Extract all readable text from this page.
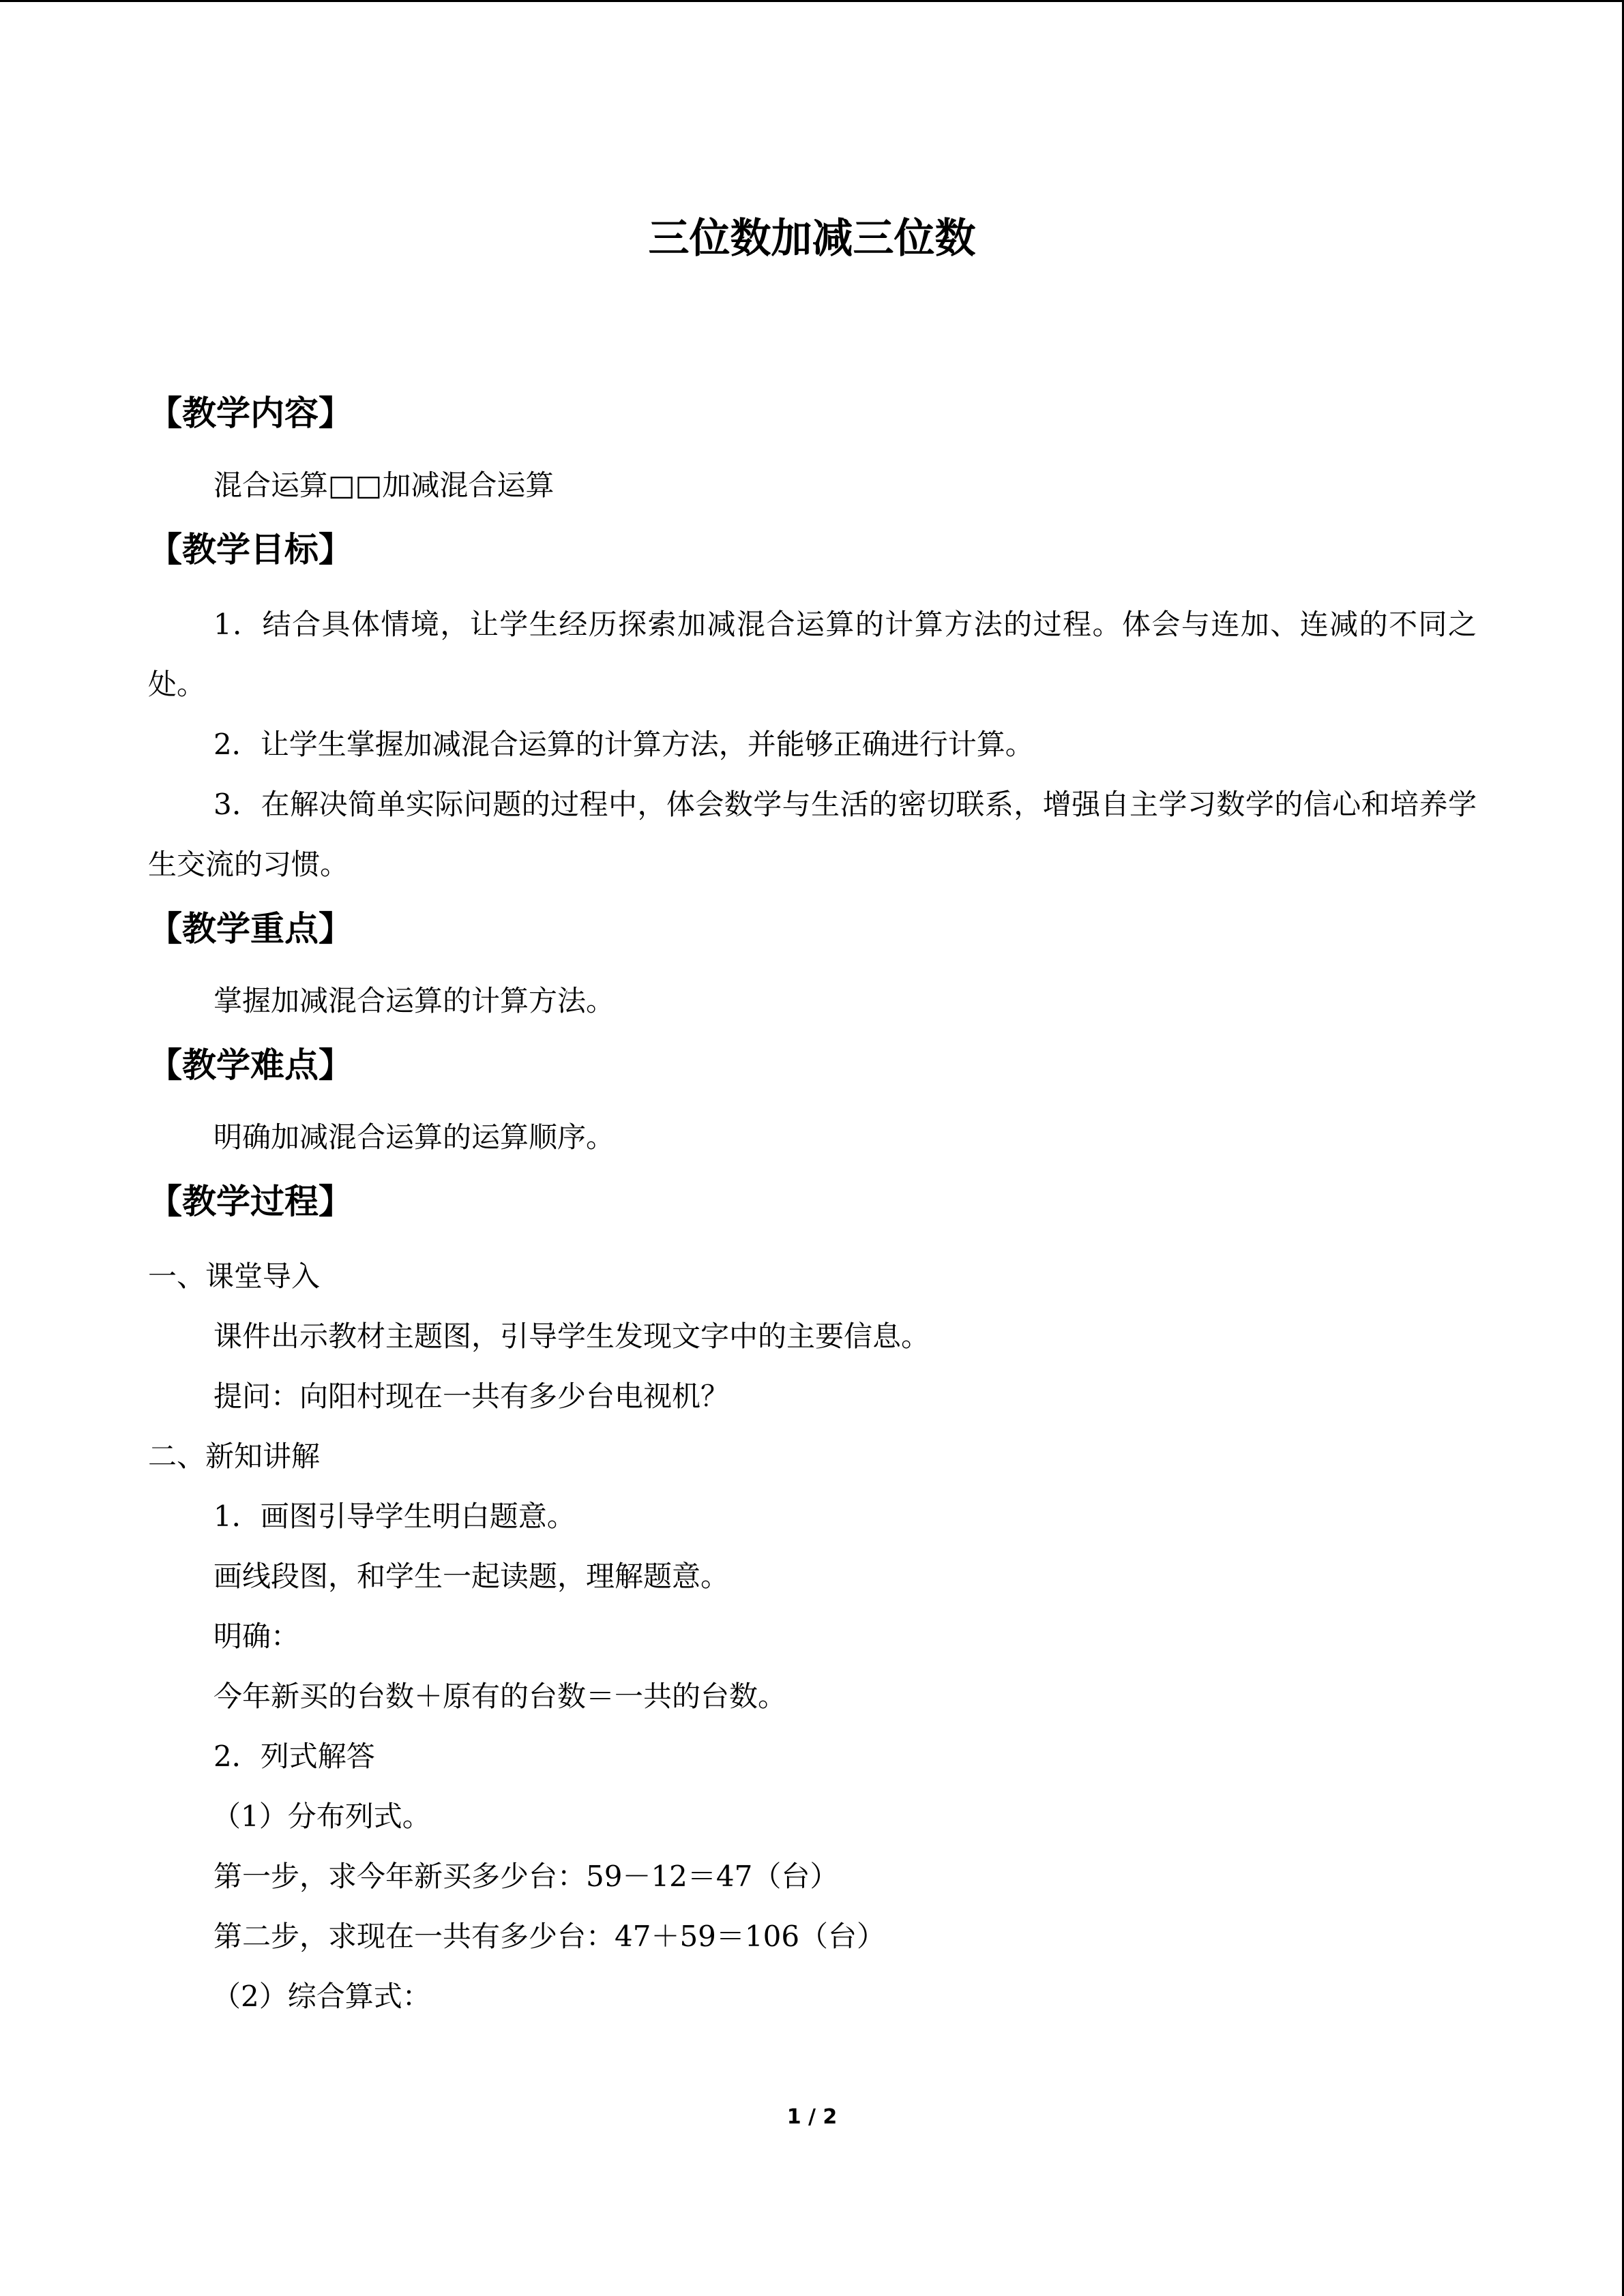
三位数加减三位数
【教学内容】
混合运算□□加减混合运算
【教学目标】
1．结合具体情境，让学生经历探索加减混合运算的计算方法的过程。体会与连加、连减的不同之处。
2．让学生掌握加减混合运算的计算方法，并能够正确进行计算。
3．在解决简单实际问题的过程中，体会数学与生活的密切联系，增强自主学习数学的信心和培养学生交流的习惯。
【教学重点】
掌握加减混合运算的计算方法。
【教学难点】
明确加减混合运算的运算顺序。
【教学过程】
一、课堂导入
课件出示教材主题图，引导学生发现文字中的主要信息。
提问：向阳村现在一共有多少台电视机？
二、新知讲解
1．画图引导学生明白题意。
画线段图，和学生一起读题，理解题意。
明确：
今年新买的台数＋原有的台数＝一共的台数。
2．列式解答
（1）分布列式。
第一步，求今年新买多少台：59－12＝47（台）
第二步，求现在一共有多少台：47＋59＝106（台）
（2）综合算式：
1 / 2
